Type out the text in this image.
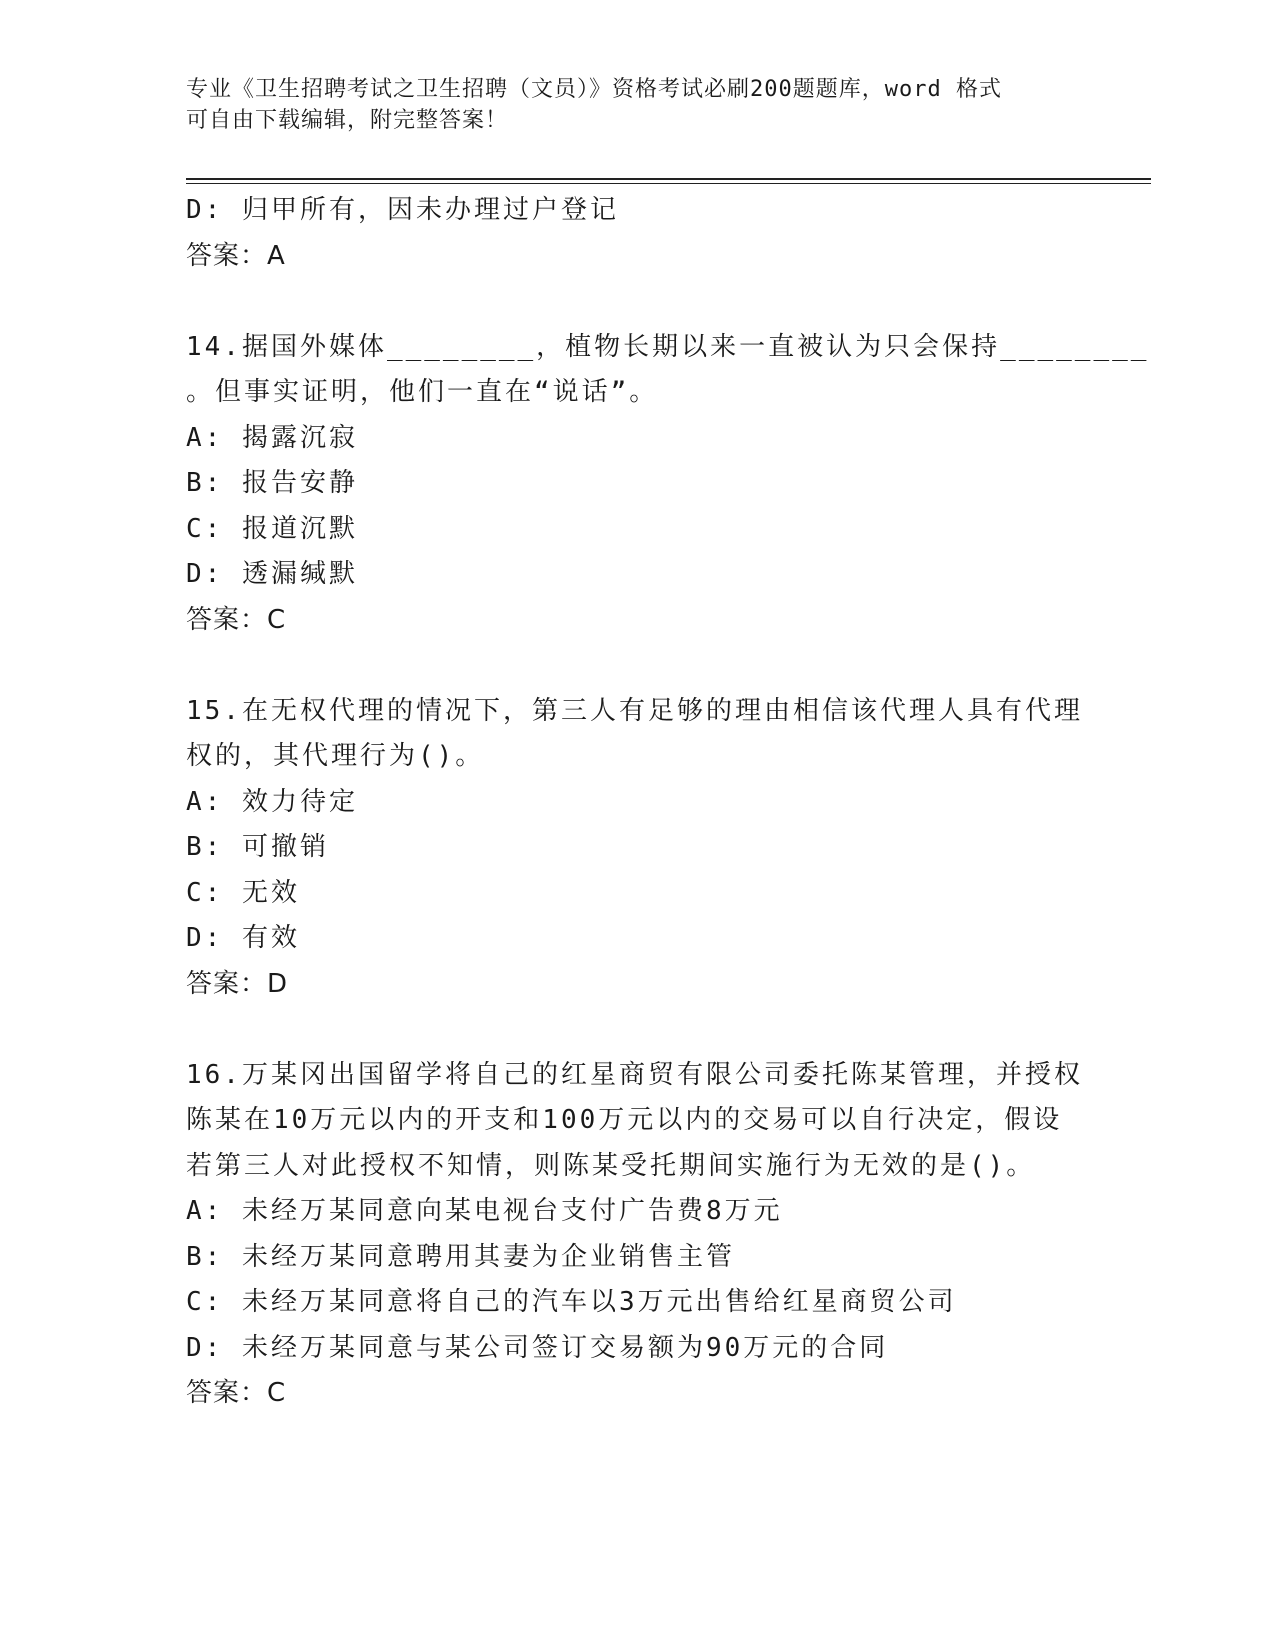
专业《卫生招聘考试之卫生招聘（文员）》资格考试必刷200题题库，word 格式
可自由下载编辑，附完整答案！
D: 归甲所有，因未办理过户登记
答案：A
14.据国外媒体________，植物长期以来一直被认为只会保持________
。但事实证明，他们一直在“说话”。
A: 揭露沉寂
B: 报告安静
C: 报道沉默
D: 透漏缄默
答案：C
15.在无权代理的情况下，第三人有足够的理由相信该代理人具有代理
权的，其代理行为()。
A: 效力待定
B: 可撤销
C: 无效
D: 有效
答案：D
16.万某冈出国留学将自己的红星商贸有限公司委托陈某管理，并授权
陈某在10万元以内的开支和100万元以内的交易可以自行决定，假设
若第三人对此授权不知情，则陈某受托期间实施行为无效的是()。
A: 未经万某同意向某电视台支付广告费8万元
B: 未经万某同意聘用其妻为企业销售主管
C: 未经万某同意将自己的汽车以3万元出售给红星商贸公司
D: 未经万某同意与某公司签订交易额为90万元的合同
答案：C
